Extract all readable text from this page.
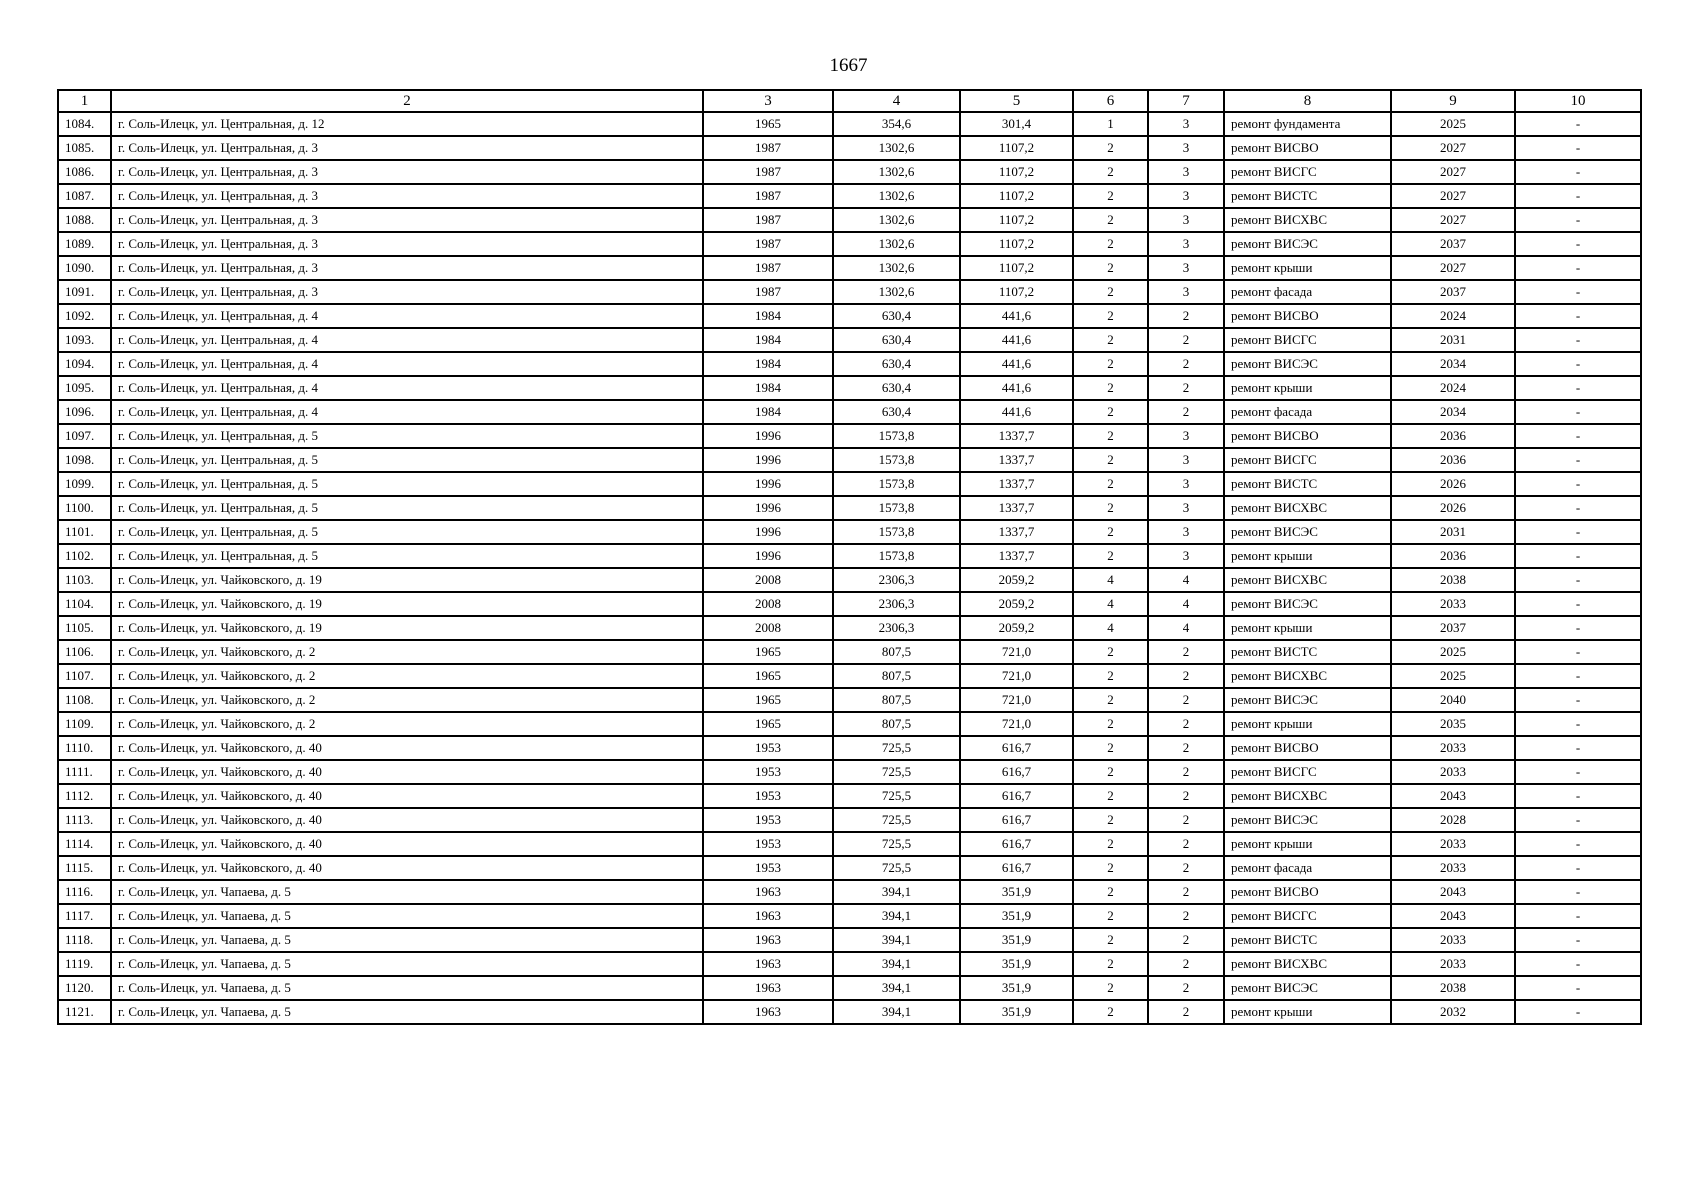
1667
1	2	3	4	5	6	7	8	9	10
1084.	г. Соль-Илецк, ул. Центральная, д. 12	1965	354,6	301,4	1	3	ремонт фундамента	2025	-
1085.	г. Соль-Илецк, ул. Центральная, д. 3	1987	1302,6	1107,2	2	3	ремонт ВИСВО	2027	-
1086.	г. Соль-Илецк, ул. Центральная, д. 3	1987	1302,6	1107,2	2	3	ремонт ВИСГС	2027	-
1087.	г. Соль-Илецк, ул. Центральная, д. 3	1987	1302,6	1107,2	2	3	ремонт ВИСТС	2027	-
1088.	г. Соль-Илецк, ул. Центральная, д. 3	1987	1302,6	1107,2	2	3	ремонт ВИСХВС	2027	-
1089.	г. Соль-Илецк, ул. Центральная, д. 3	1987	1302,6	1107,2	2	3	ремонт ВИСЭС	2037	-
1090.	г. Соль-Илецк, ул. Центральная, д. 3	1987	1302,6	1107,2	2	3	ремонт крыши	2027	-
1091.	г. Соль-Илецк, ул. Центральная, д. 3	1987	1302,6	1107,2	2	3	ремонт фасада	2037	-
1092.	г. Соль-Илецк, ул. Центральная, д. 4	1984	630,4	441,6	2	2	ремонт ВИСВО	2024	-
1093.	г. Соль-Илецк, ул. Центральная, д. 4	1984	630,4	441,6	2	2	ремонт ВИСГС	2031	-
1094.	г. Соль-Илецк, ул. Центральная, д. 4	1984	630,4	441,6	2	2	ремонт ВИСЭС	2034	-
1095.	г. Соль-Илецк, ул. Центральная, д. 4	1984	630,4	441,6	2	2	ремонт крыши	2024	-
1096.	г. Соль-Илецк, ул. Центральная, д. 4	1984	630,4	441,6	2	2	ремонт фасада	2034	-
1097.	г. Соль-Илецк, ул. Центральная, д. 5	1996	1573,8	1337,7	2	3	ремонт ВИСВО	2036	-
1098.	г. Соль-Илецк, ул. Центральная, д. 5	1996	1573,8	1337,7	2	3	ремонт ВИСГС	2036	-
1099.	г. Соль-Илецк, ул. Центральная, д. 5	1996	1573,8	1337,7	2	3	ремонт ВИСТС	2026	-
1100.	г. Соль-Илецк, ул. Центральная, д. 5	1996	1573,8	1337,7	2	3	ремонт ВИСХВС	2026	-
1101.	г. Соль-Илецк, ул. Центральная, д. 5	1996	1573,8	1337,7	2	3	ремонт ВИСЭС	2031	-
1102.	г. Соль-Илецк, ул. Центральная, д. 5	1996	1573,8	1337,7	2	3	ремонт крыши	2036	-
1103.	г. Соль-Илецк, ул. Чайковского, д. 19	2008	2306,3	2059,2	4	4	ремонт ВИСХВС	2038	-
1104.	г. Соль-Илецк, ул. Чайковского, д. 19	2008	2306,3	2059,2	4	4	ремонт ВИСЭС	2033	-
1105.	г. Соль-Илецк, ул. Чайковского, д. 19	2008	2306,3	2059,2	4	4	ремонт крыши	2037	-
1106.	г. Соль-Илецк, ул. Чайковского, д. 2	1965	807,5	721,0	2	2	ремонт ВИСТС	2025	-
1107.	г. Соль-Илецк, ул. Чайковского, д. 2	1965	807,5	721,0	2	2	ремонт ВИСХВС	2025	-
1108.	г. Соль-Илецк, ул. Чайковского, д. 2	1965	807,5	721,0	2	2	ремонт ВИСЭС	2040	-
1109.	г. Соль-Илецк, ул. Чайковского, д. 2	1965	807,5	721,0	2	2	ремонт крыши	2035	-
1110.	г. Соль-Илецк, ул. Чайковского, д. 40	1953	725,5	616,7	2	2	ремонт ВИСВО	2033	-
1111.	г. Соль-Илецк, ул. Чайковского, д. 40	1953	725,5	616,7	2	2	ремонт ВИСГС	2033	-
1112.	г. Соль-Илецк, ул. Чайковского, д. 40	1953	725,5	616,7	2	2	ремонт ВИСХВС	2043	-
1113.	г. Соль-Илецк, ул. Чайковского, д. 40	1953	725,5	616,7	2	2	ремонт ВИСЭС	2028	-
1114.	г. Соль-Илецк, ул. Чайковского, д. 40	1953	725,5	616,7	2	2	ремонт крыши	2033	-
1115.	г. Соль-Илецк, ул. Чайковского, д. 40	1953	725,5	616,7	2	2	ремонт фасада	2033	-
1116.	г. Соль-Илецк, ул. Чапаева, д. 5	1963	394,1	351,9	2	2	ремонт ВИСВО	2043	-
1117.	г. Соль-Илецк, ул. Чапаева, д. 5	1963	394,1	351,9	2	2	ремонт ВИСГС	2043	-
1118.	г. Соль-Илецк, ул. Чапаева, д. 5	1963	394,1	351,9	2	2	ремонт ВИСТС	2033	-
1119.	г. Соль-Илецк, ул. Чапаева, д. 5	1963	394,1	351,9	2	2	ремонт ВИСХВС	2033	-
1120.	г. Соль-Илецк, ул. Чапаева, д. 5	1963	394,1	351,9	2	2	ремонт ВИСЭС	2038	-
1121.	г. Соль-Илецк, ул. Чапаева, д. 5	1963	394,1	351,9	2	2	ремонт крыши	2032	-
